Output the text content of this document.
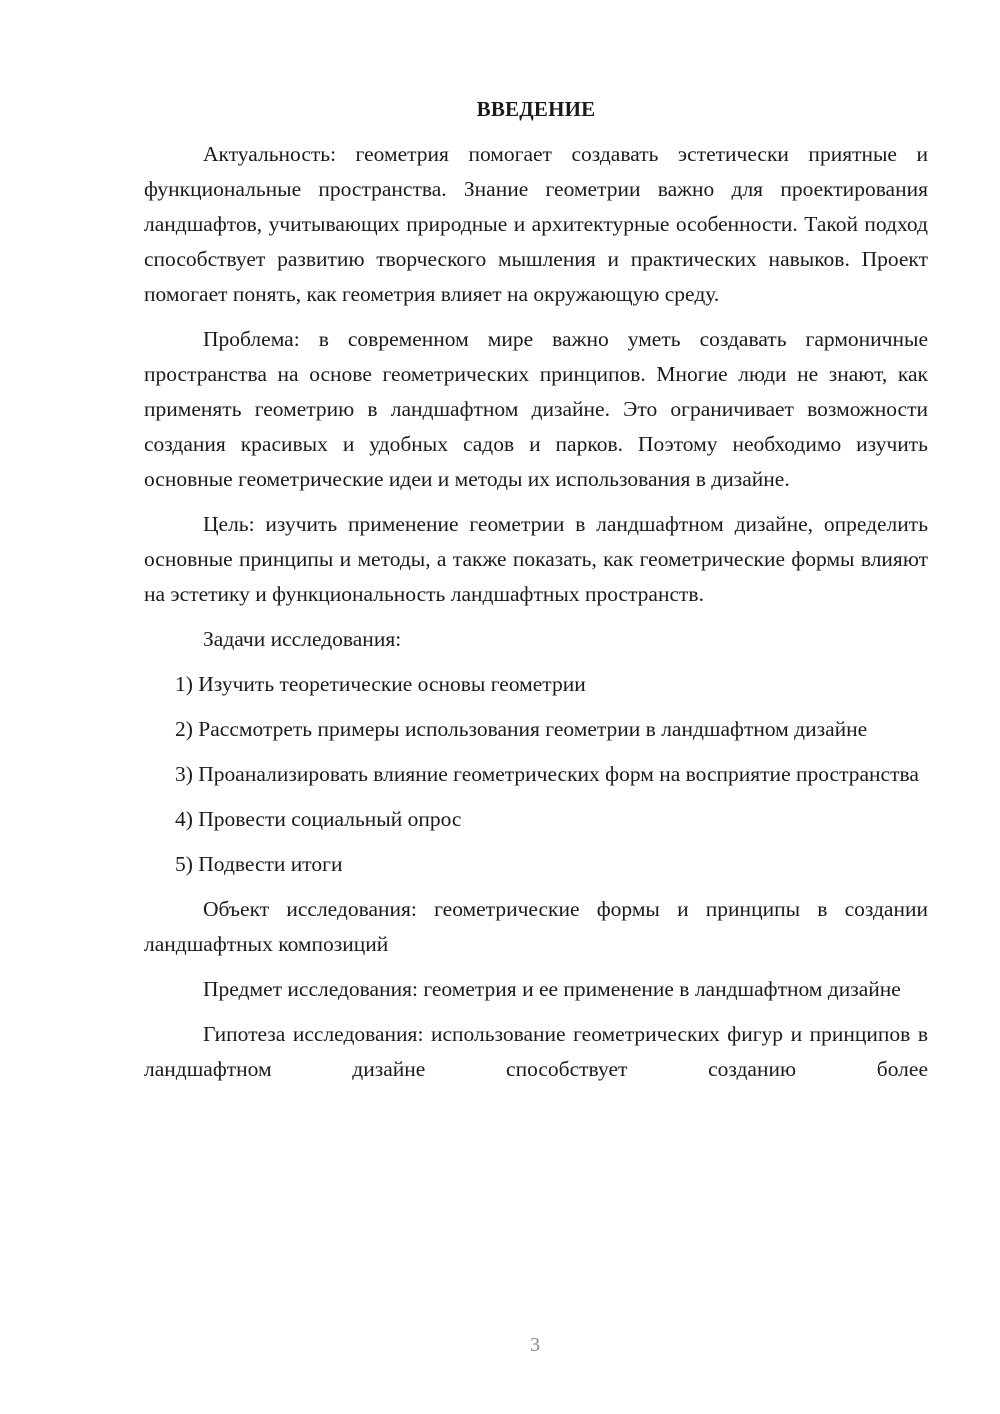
ВВЕДЕНИЕ

Актуальность: геометрия помогает создавать эстетически приятные и функциональные пространства. Знание геометрии важно для проектирования ландшафтов, учитывающих природные и архитектурные особенности. Такой подход способствует развитию творческого мышления и практических навыков. Проект помогает понять, как геометрия влияет на окружающую среду.

Проблема: в современном мире важно уметь создавать гармоничные пространства на основе геометрических принципов. Многие люди не знают, как применять геометрию в ландшафтном дизайне. Это ограничивает возможности создания красивых и удобных садов и парков. Поэтому необходимо изучить основные геометрические идеи и методы их использования в дизайне.

Цель: изучить применение геометрии в ландшафтном дизайне, определить основные принципы и методы, а также показать, как геометрические формы влияют на эстетику и функциональность ландшафтных пространств.

Задачи исследования:

1) Изучить теоретические основы геометрии

2) Рассмотреть примеры использования геометрии в ландшафтном дизайне

3) Проанализировать влияние геометрических форм на восприятие пространства

4) Провести социальный опрос

5) Подвести итоги

Объект исследования: геометрические формы и принципы в создании ландшафтных композиций

Предмет исследования: геометрия и ее применение в ландшафтном дизайне

Гипотеза исследования: использование геометрических фигур и принципов в ландшафтном дизайне способствует созданию более

3
